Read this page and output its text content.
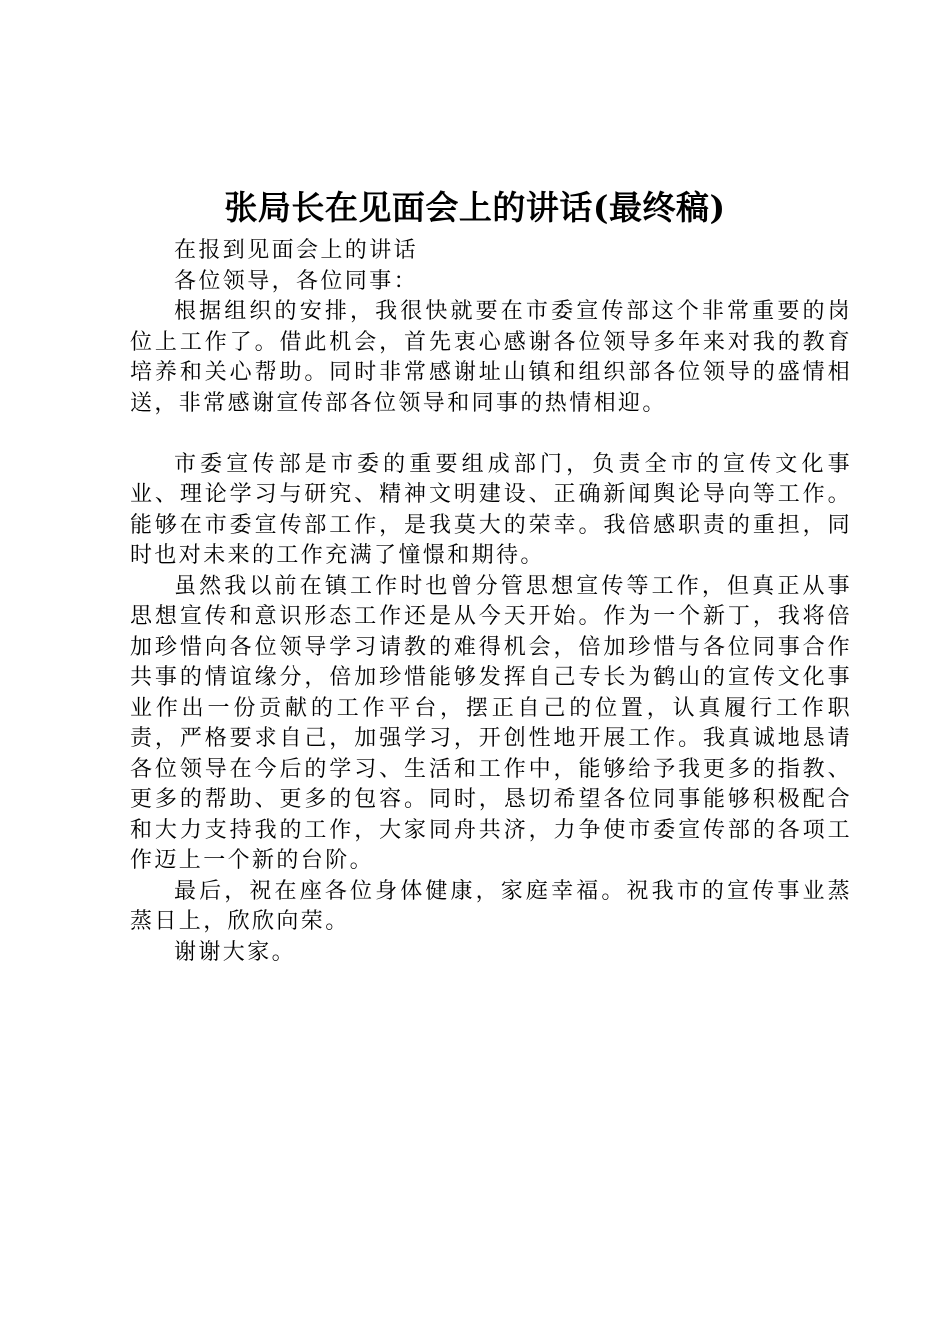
张局长在见面会上的讲话(最终稿)

在报到见面会上的讲话

各位领导，各位同事：

根据组织的安排，我很快就要在市委宣传部这个非常重要的岗位上工作了。借此机会，首先衷心感谢各位领导多年来对我的教育培养和关心帮助。同时非常感谢址山镇和组织部各位领导的盛情相送，非常感谢宣传部各位领导和同事的热情相迎。

市委宣传部是市委的重要组成部门，负责全市的宣传文化事业、理论学习与研究、精神文明建设、正确新闻舆论导向等工作。能够在市委宣传部工作，是我莫大的荣幸。我倍感职责的重担，同时也对未来的工作充满了憧憬和期待。

虽然我以前在镇工作时也曾分管思想宣传等工作，但真正从事思想宣传和意识形态工作还是从今天开始。作为一个新丁，我将倍加珍惜向各位领导学习请教的难得机会，倍加珍惜与各位同事合作共事的情谊缘分，倍加珍惜能够发挥自己专长为鹤山的宣传文化事业作出一份贡献的工作平台，摆正自己的位置，认真履行工作职责，严格要求自己，加强学习，开创性地开展工作。我真诚地恳请各位领导在今后的学习、生活和工作中，能够给予我更多的指教、更多的帮助、更多的包容。同时，恳切希望各位同事能够积极配合和大力支持我的工作，大家同舟共济，力争使市委宣传部的各项工作迈上一个新的台阶。

最后，祝在座各位身体健康，家庭幸福。祝我市的宣传事业蒸蒸日上，欣欣向荣。

谢谢大家。
